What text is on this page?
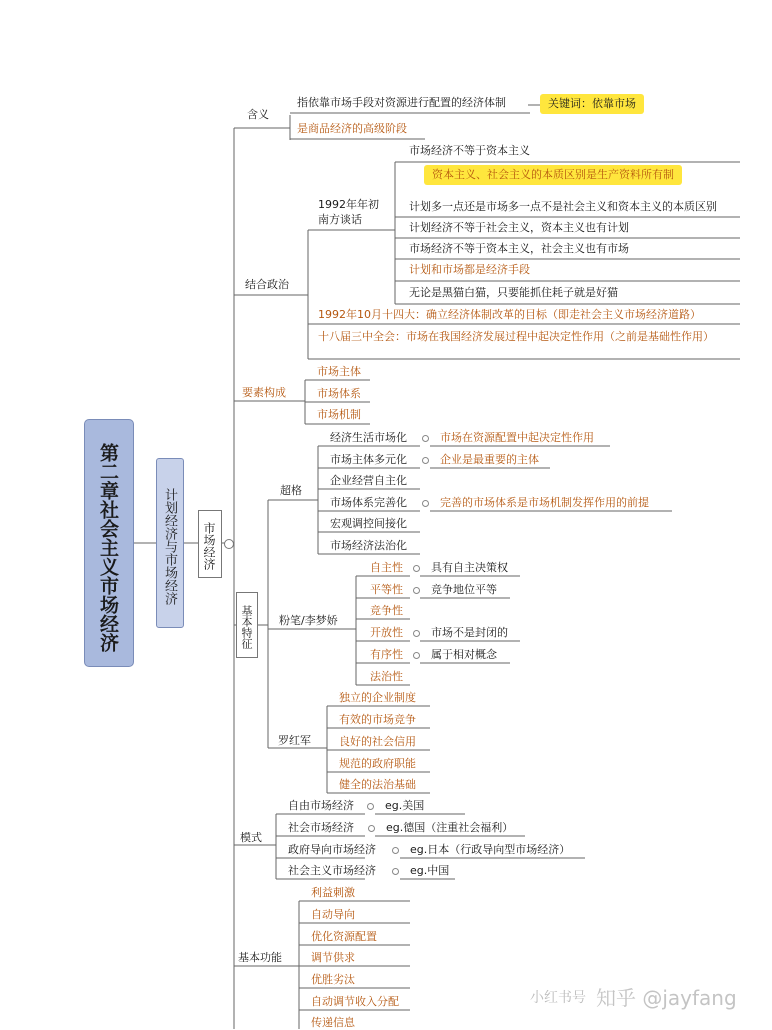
第二章社会主义市场经济	计划经济与市场经济	市场经济
含义
结合政治
要素构成
基本特征
模式
基本功能
指依靠市场手段对资源进行配置的经济体制	关键词：依靠市场
是商品经济的高级阶段
1992年年初南方谈话
市场经济不等于资本主义
资本主义、社会主义的本质区别是生产资料所有制
计划多一点还是市场多一点不是社会主义和资本主义的本质区别
计划经济不等于社会主义，资本主义也有计划
市场经济不等于资本主义，社会主义也有市场
计划和市场都是经济手段
无论是黑猫白猫，只要能抓住耗子就是好猫
1992年10月十四大：确立经济体制改革的目标（即走社会主义市场经济道路）
十八届三中全会：市场在我国经济发展过程中起决定性作用（之前是基础性作用）
市场主体
市场体系
市场机制
超格
经济生活市场化
市场主体多元化
企业经营自主化
市场体系完善化
宏观调控间接化
市场经济法治化
市场在资源配置中起决定性作用
企业是最重要的主体
完善的市场体系是市场机制发挥作用的前提
粉笔/李梦娇
自主性
平等性
竞争性
开放性
有序性
法治性
具有自主决策权
竞争地位平等
市场不是封闭的
属于相对概念
罗红军
独立的企业制度
有效的市场竞争
良好的社会信用
规范的政府职能
健全的法治基础
自由市场经济
社会市场经济
政府导向市场经济
社会主义市场经济
eg.美国
eg.德国（注重社会福利）
eg.日本（行政导向型市场经济）
eg.中国
利益刺激
自动导向
优化资源配置
调节供求
优胜劣汰
自动调节收入分配
传递信息
小红书号 知乎 @jayfang
